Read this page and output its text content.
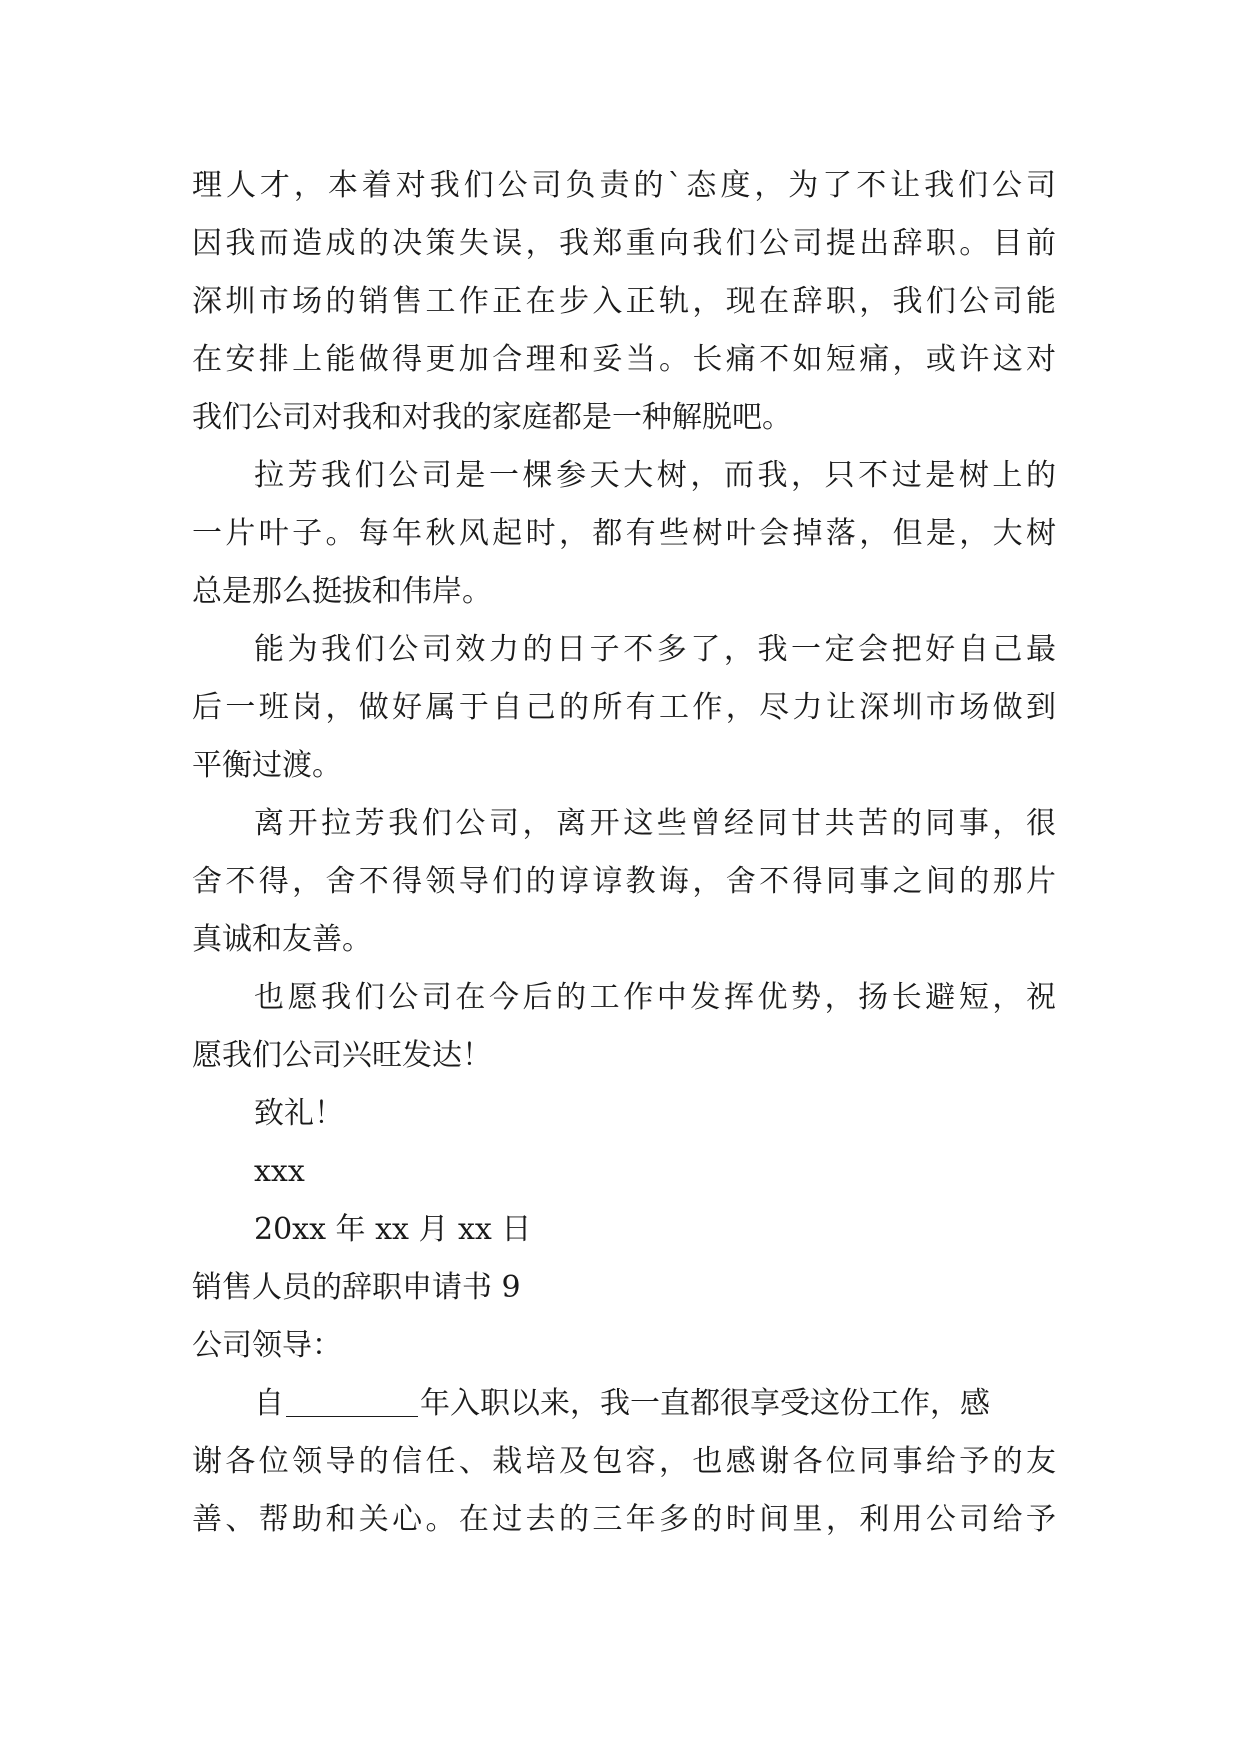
理人才，本着对我们公司负责的`态度，为了不让我们公司
因我而造成的决策失误，我郑重向我们公司提出辞职。目前
深圳市场的销售工作正在步入正轨，现在辞职，我们公司能
在安排上能做得更加合理和妥当。长痛不如短痛，或许这对
我们公司对我和对我的家庭都是一种解脱吧。
拉芳我们公司是一棵参天大树，而我，只不过是树上的
一片叶子。每年秋风起时，都有些树叶会掉落，但是，大树
总是那么挺拔和伟岸。
能为我们公司效力的日子不多了，我一定会把好自己最
后一班岗，做好属于自己的所有工作，尽力让深圳市场做到
平衡过渡。
离开拉芳我们公司，离开这些曾经同甘共苦的同事，很
舍不得，舍不得领导们的谆谆教诲，舍不得同事之间的那片
真诚和友善。
也愿我们公司在今后的工作中发挥优势，扬长避短，祝
愿我们公司兴旺发达！
致礼！
xxx
20xx 年 xx 月 xx 日
销售人员的辞职申请书 9
公司领导：
自	年入职以来，我一直都很享受这份工作，感
谢各位领导的信任、栽培及包容，也感谢各位同事给予的友
善、帮助和关心。在过去的三年多的时间里，利用公司给予
